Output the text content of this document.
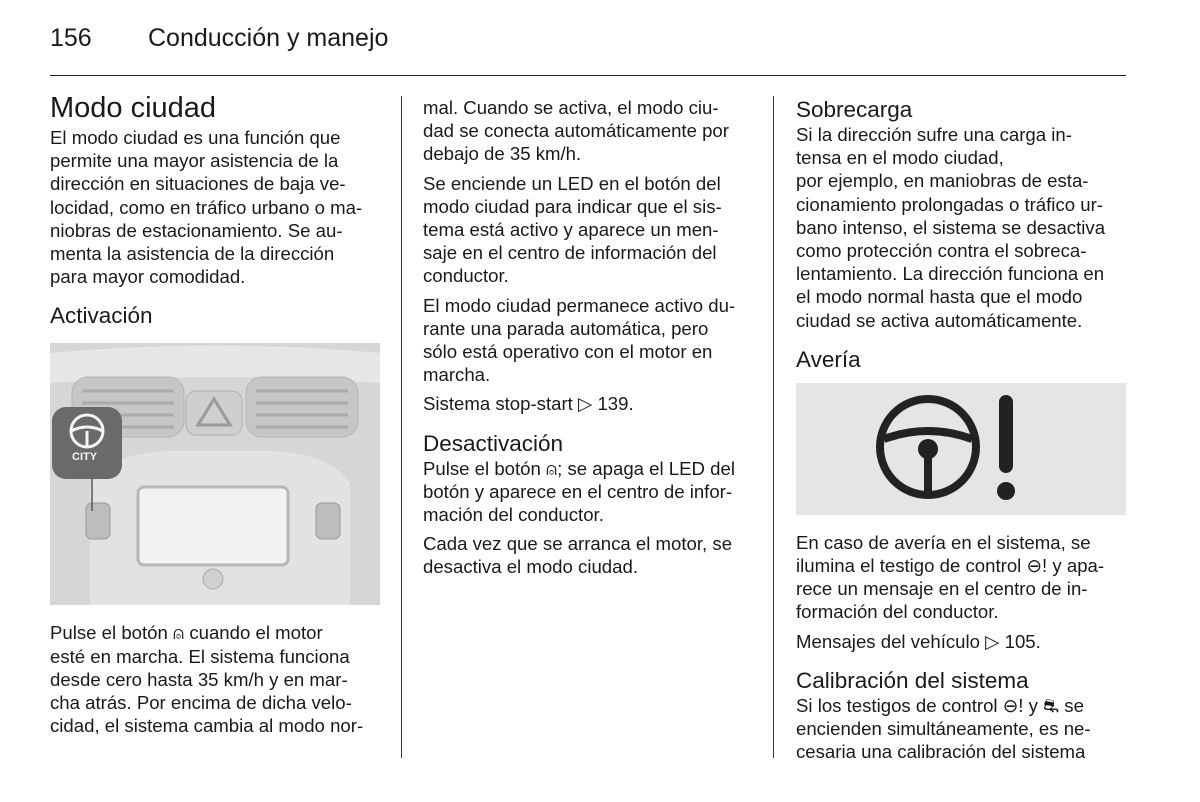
156 Conducción y manejo
Modo ciudad
El modo ciudad es una función que
permite una mayor asistencia de la
dirección en situaciones de baja ve-
locidad, como en tráfico urbano o ma-
niobras de estacionamiento. Se au-
menta la asistencia de la dirección
para mayor comodidad.
Activación
CITY
Pulse el botón ⍝ cuando el motor
esté en marcha. El sistema funciona
desde cero hasta 35 km/h y en mar-
cha atrás. Por encima de dicha velo-
cidad, el sistema cambia al modo nor-
mal. Cuando se activa, el modo ciu-
dad se conecta automáticamente por
debajo de 35 km/h.
Se enciende un LED en el botón del
modo ciudad para indicar que el sis-
tema está activo y aparece un men-
saje en el centro de información del
conductor.
El modo ciudad permanece activo du-
rante una parada automática, pero
sólo está operativo con el motor en
marcha.
Sistema stop-start ▷ 139.
Desactivación
Pulse el botón ⍝; se apaga el LED del
botón y aparece en el centro de infor-
mación del conductor.
Cada vez que se arranca el motor, se
desactiva el modo ciudad.
Sobrecarga
Si la dirección sufre una carga in-
tensa en el modo ciudad,
por ejemplo, en maniobras de esta-
cionamiento prolongadas o tráfico ur-
bano intenso, el sistema se desactiva
como protección contra el sobreca-
lentamiento. La dirección funciona en
el modo normal hasta que el modo
ciudad se activa automáticamente.
Avería
En caso de avería en el sistema, se
ilumina el testigo de control ⊖! y apa-
rece un mensaje en el centro de in-
formación del conductor.
Mensajes del vehículo ▷ 105.
Calibración del sistema
Si los testigos de control ⊖! y ⛐ se
encienden simultáneamente, es ne-
cesaria una calibración del sistema
